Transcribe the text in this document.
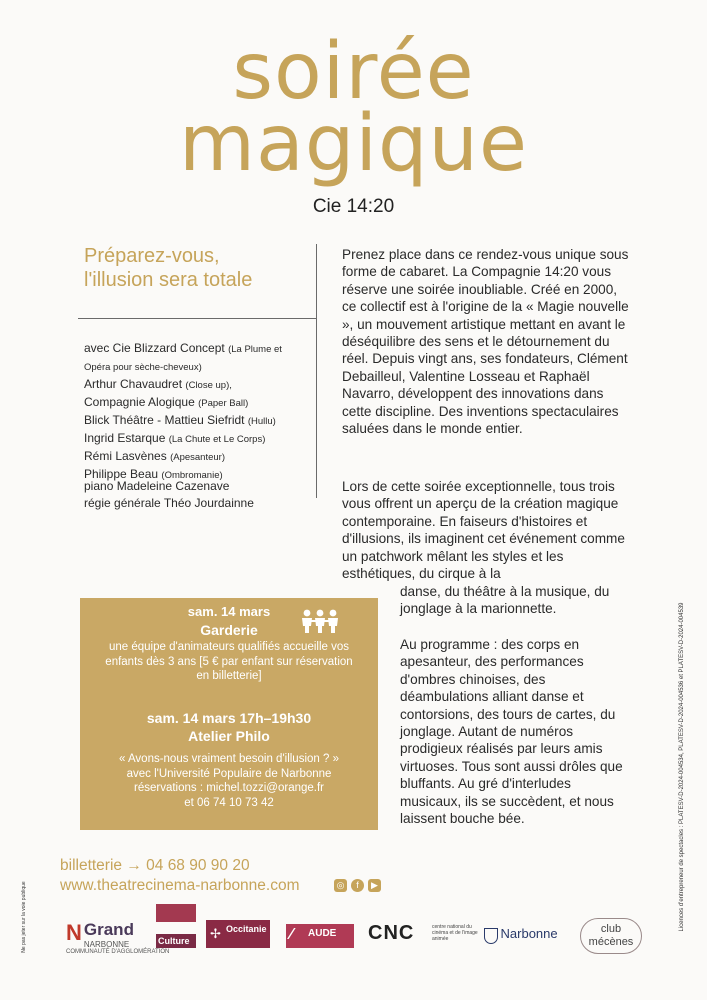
soirée
magique
Cie 14:20
Préparez-vous,
l'illusion sera totale
avec Cie Blizzard Concept (La Plume et
Opéra pour sèche-cheveux)
Arthur Chavaudret (Close up),
Compagnie Alogique (Paper Ball)
Blick Théâtre - Mattieu Siefridt (Hullu)
Ingrid Estarque (La Chute et Le Corps)
Rémi Lasvènes (Apesanteur)
Philippe Beau (Ombromanie)
piano Madeleine Cazenave
régie générale Théo Jourdainne

Prenez place dans ce rendez-vous unique sous forme de cabaret. La Compagnie 14:20 vous réserve une soirée inoubliable. Créé en 2000, ce collectif est à l'origine de la « Magie nouvelle », un mouvement artistique mettant en avant le déséquilibre des sens et le détournement du réel. Depuis vingt ans, ses fondateurs, Clément Debailleul, Valentine Losseau et Raphaël Navarro, développent des innovations dans cette discipline. Des inventions spectaculaires saluées dans le monde entier.

Lors de cette soirée exceptionnelle, tous trois vous offrent un aperçu de la création magique contemporaine. En faiseurs d'histoires et d'illusions, ils imaginent cet événement comme un patchwork mêlant les styles et les esthétiques, du cirque à la

danse, du théâtre à la musique, du jonglage à la marionnette.

Au programme : des corps en apesanteur, des performances d'ombres chinoises, des déambulations alliant danse et contorsions, des tours de cartes, du jonglage. Autant de numéros prodigieux réalisés par leurs amis virtuoses. Tous sont aussi drôles que bluffants. Au gré d'interludes musicaux, ils se succèdent, et nous laissent bouche bée.

sam. 14 mars
Garderie
une équipe d'animateurs qualifiés accueille vos enfants dès 3 ans [5 € par enfant sur réservation en billetterie]
sam. 14 mars 17h–19h30
Atelier Philo
« Avons-nous vraiment besoin d'illusion ? » avec l'Université Populaire de Narbonne
réservations : michel.tozzi@orange.fr
et 06 74 10 73 42
billetterie → 04 68 90 90 20
www.theatrecinema-narbonne.com	◎	f	▶
Ne pas jeter sur la voie publique	Licences d'entrepreneur de spectacles : PLATESV-D-2024-004534, PLATESV-D-2024-004536 et PLATESV-D-2024-004539
N Grand
NARBONNE
COMMUNAUTÉ D'AGGLOMÉRATION
Culture	✢ Occitanie ∕ AUDE	CNC	centre national du cinéma et de l'image animée	Narbonne	club
mécènes
